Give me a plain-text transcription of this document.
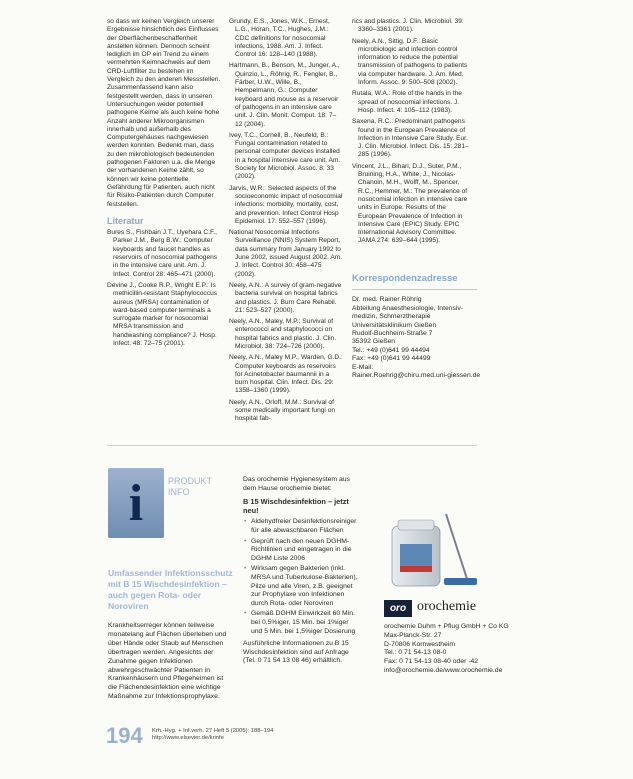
so dass wir keinen Vergleich unserer Ergebnisse hinsichtlich des Einflusses der Oberflächenbeschaffenheit anstellen können. Dennoch scheint lediglich im OP ein Trend zu einem vermehrten Keimnachweis auf dem CRD-Luftfilter zu bestehen im Vergleich zu den anderen Messstellen. Zusammenfassend kann also festgestellt werden, dass in unseren Untersuchungen weder potentiell pathogene Keime als auch keine hohe Anzahl anderer Mikroorganismen innerhalb und außerhalb des Computergehäuses nachgewiesen werden konnten. Bedenkt man, dass zu den mikrobiologisch bedeutenden pathogenen Faktoren u.a. die Menge der vorhandenen Keime zählt, so können wir keine potentielle Gefährdung für Patienten, auch nicht für Risiko-Patienten durch Computer feststellen.

Literatur

Bures S., Fishbain J.T., Uyehara C.F., Parker J.M., Berg B.W.: Computer keyboards and faucet handles as reservoirs of nosocomial pathogens in the intensive care unit. Am. J. Infect. Control 28: 465–471 (2000).

Devine J., Cooke R.P., Wright E.P.: Is methicillin-resistant Staphylococcus aureus (MRSA) contamination of ward-based computer terminals a surrogate marker for nosocomial MRSA transmission and handwashing compliance? J. Hosp. Infect. 48: 72–75 (2001).

Grundy, E.S., Jones, W.K., Ernest, L.G., Horan, T.C., Hughes, J.M.: CDC definitions for nosocomial infections, 1988. Am. J. Infect. Control 16: 128–140 (1988).

Hartmann, B., Benson, M., Junger, A., Quinzio, L., Röhrig, R., Fengler, B., Färber, U.W., Wille, B., Hempelmann, G.: Computer keyboard and mouse as a reservoir of pathogens in an intensive care unit. J. Clin. Monit. Comput. 18: 7–12 (2004).

Ivey, T.C., Cornell, B., Neufeld, B.: Fungal contamination related to personal computer devices installed in a hospital intensive care unit. Am. Society for Microbiol. Assoc. 8: 33 (2002).

Jarvis, W.R.: Selected aspects of the socioeconomic impact of nosocomial infections: morbidity, mortality, cost, and prevention. Infect Control Hosp Epidemiol. 17: 552–557 (1996).

National Nosocomial Infections Surveillance (NNIS) System Report, data summary from January 1992 to June 2002, issued August 2002. Am. J. Infect. Control 30: 458–475 (2002).

Neely, A.N.: A survey of gram-negative bacteria survival on hospital fabrics and plastics. J. Burn Care Rehabil. 21: 523–527 (2000).

Neely, A.N., Maley, M.P.: Survival of enterococci and staphylococci on hospital fabrics and plastic. J. Clin. Microbiol. 38: 724–726 (2000).

Neely, A.N., Maley M.P., Warden, G.D.: Computer keyboards as reservoirs for Acinetobacter baumannii in a burn hospital. Clin. Infect. Dis. 29: 1358–1360 (1999).

Neely, A.N., Orloff, M.M.: Survival of some medically important fungi on hospital fab-

rics and plastics. J. Clin. Microbiol. 39: 3360–3361 (2001).

Neely, A.N., Sittig, D.F.: Basic microbiologic and infection control information to reduce the potential transmission of pathogens to patients via computer hardware. J. Am. Med. Inform. Assoc. 9: 500–508 (2002).

Rutala, W.A.: Role of the hands in the spread of nosocomial infections. J. Hosp. Infect. 4: 105–112 (1983).

Saxena, R.C.: Predominant pathogens found in the European Prevalence of Infection in Intensive Care Study. Eur. J. Clin. Microbiol. Infect. Dis. 15: 281–285 (1996).

Vincent, J.L., Bihari, D.J., Suter, P.M., Bruining, H.A., White, J., Nicolas-Chanoin, M.H., Wolff, M., Spencer, R.C., Hemmer, M.: The prevalence of nosocomial infection in intensive care units in Europe. Results of the European Prevalence of Infection in Intensive Care (EPIC) Study. EPIC International Advisory Committee. JAMA 274: 639–644 (1995).

Korrespondenzadresse
Dr. med. Rainer Röhrig
Abteilung Anaesthesiologie, Intensiv-
medizin, Schmerztherapie
Universitätsklinikum Gießen
Rudolf-Buchheim-Straße 7
35392 Gießen
Tel.: +49 (0)641 99 44494
Fax: +49 (0)641 99 44499
E-Mail:
Rainer.Roehrig@chiru.med.uni-giessen.de
i	PRODUKT
INFO
Umfassender Infektionsschutz mit B 15 Wischdesinfektion – auch gegen Rota- oder Noroviren
Krankheitserreger können teilweise monatelang auf Flächen überleben und über Hände oder Staub auf Menschen übertragen werden. Angesichts der Zunahme gegen Infektionen abwehrgeschwächter Patienten in Krankenhäusern und Pflegeheimen ist die Flächendesinfektion eine wichtige Maßnahme zur Infektionsprophylaxe.
Das orochemie Hygienesystem aus dem Hause orochemie bietet:
B 15 Wischdesinfektion – jetzt neu!
• Aldehydfreier Desinfektionsreiniger für alle abwaschbaren Flächen
• Geprüft nach den neuen DGHM-Richtlinien und eingetragen in die DGHM Liste 2006
• Wirksam gegen Bakterien (inkl. MRSA und Tuberkulose-Bakterien), Pilze und alle Viren, z.B. geeignet zur Prophylaxe von Infektionen durch Rota- oder Noroviren
• Gemäß DGHM Einwirkzeit 60 Min. bei 0,5%iger, 15 Min. bei 1%iger und 5 Min. bei 1,5%iger Dosierung
Ausführliche Informationen zu B 15 Wischdesinfektion sind auf Anfrage (Tel. 0 71 54 13 08 46) erhältlich.
oro orochemie
orochemie Duhm + Pflug GmbH + Co KG
Max-Planck-Str. 27
D-70806 Kornwestheim
Tel.: 0 71 54-13 08-0
Fax: 0 71 54-13 08-40 oder -42
info@orochemie.de/www.orochemie.de
194 Krh.-Hyg. + Inf.verh. 27 Heft 5 (2005): 188–194
http://www.elsevier.de/krinfe
